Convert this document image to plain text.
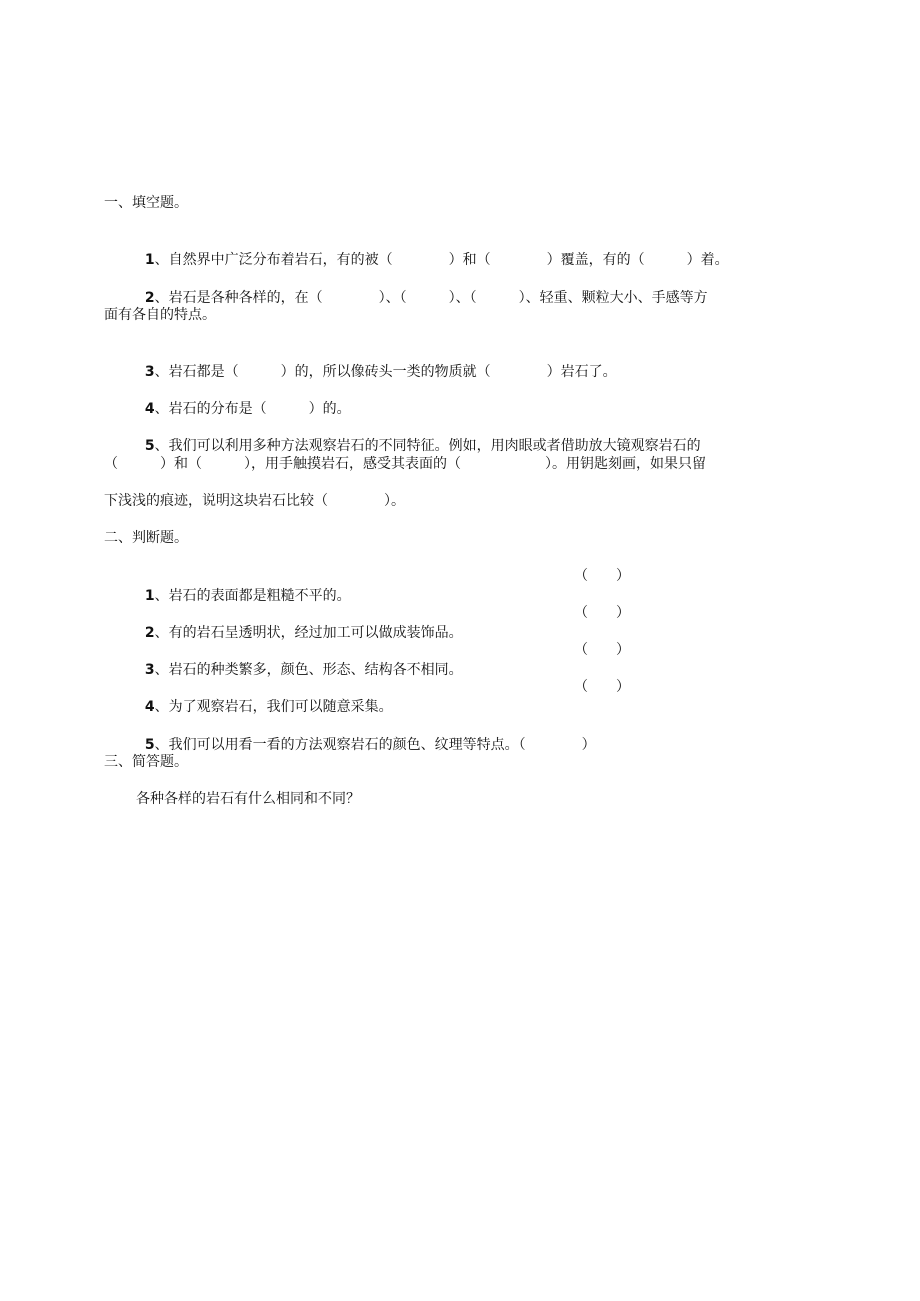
一、填空题。

1、自然界中广泛分布着岩石，有的被（　　　　）和（　　　　）覆盖，有的（　　　）着。

2、岩石是各种各样的，在（　　　　）、（　　　）、（　　　）、轻重、颗粒大小、手感等方

面有各自的特点。

3、岩石都是（　　　）的，所以像砖头一类的物质就（　　　　）岩石了。

4、岩石的分布是（　　　）的。

5、我们可以利用多种方法观察岩石的不同特征。例如，用肉眼或者借助放大镜观察岩石的

（　　　）和（　　　），用手触摸岩石，感受其表面的（　　　　　　）。用钥匙刻画，如果只留
下浅浅的痕迹，说明这块岩石比较（　　　　）。
二、判断题。

1、岩石的表面都是粗糙不平的。

（　　）

2、有的岩石呈透明状，经过加工可以做成装饰品。

（　　）

3、岩石的种类繁多，颜色、形态、结构各不相同。

（　　）

4、为了观察岩石，我们可以随意采集。

（　　）

5、我们可以用看一看的方法观察岩石的颜色、纹理等特点。（　　　　）

三、简答题。
各种各样的岩石有什么相同和不同？
